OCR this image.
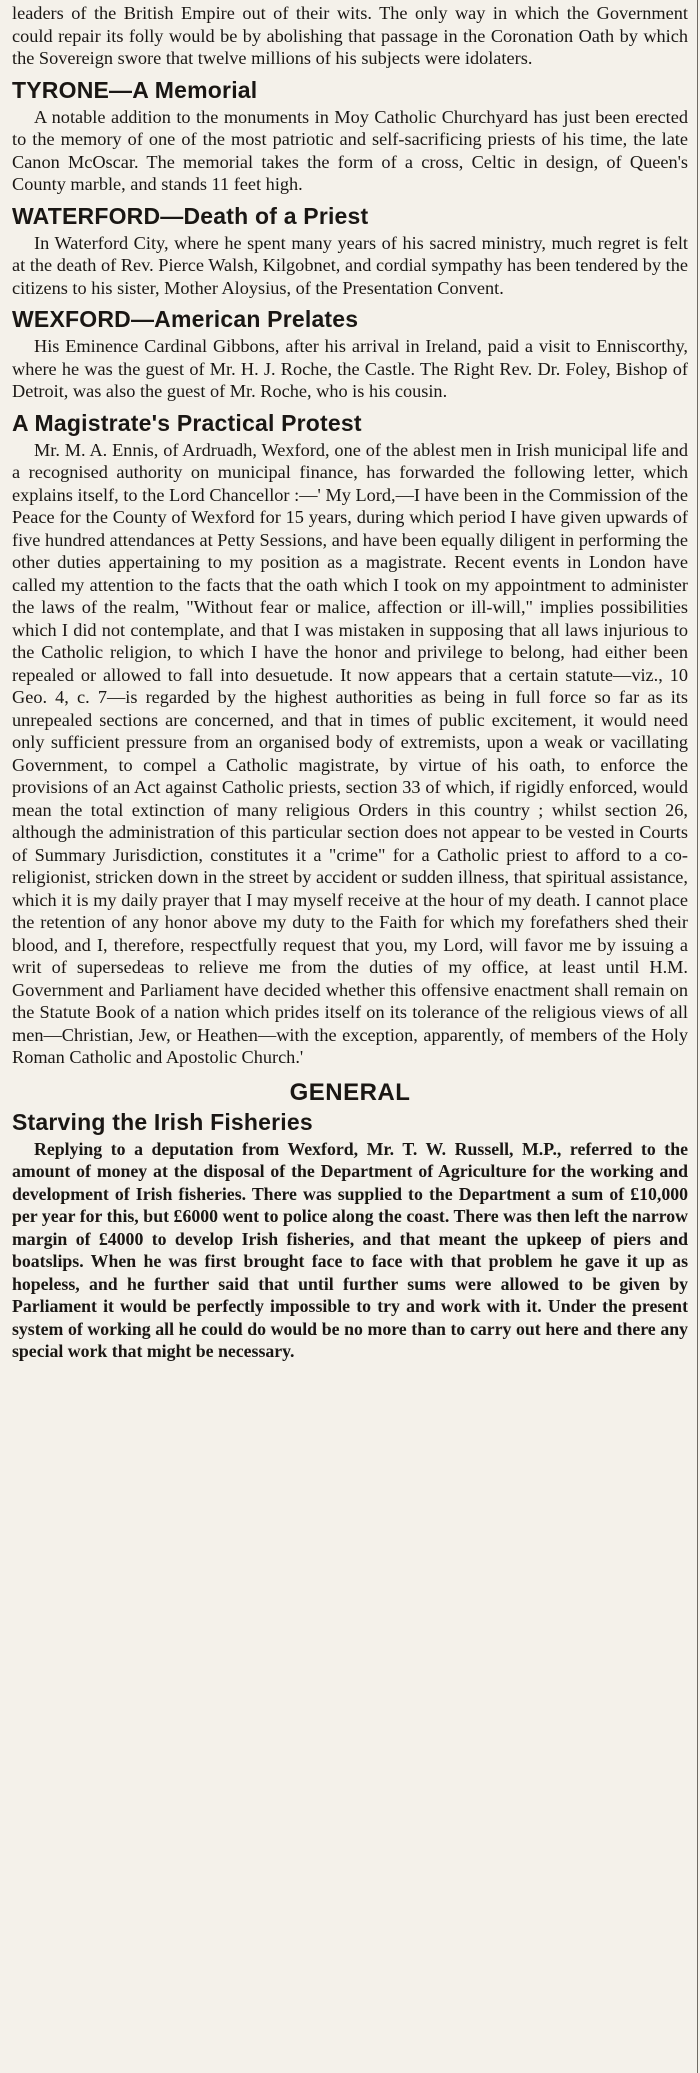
leaders of the British Empire out of their wits. The only way in which the Government could repair its folly would be by abolishing that passage in the Coronation Oath by which the Sovereign swore that twelve millions of his subjects were idolaters.

TYRONE—A Memorial

A notable addition to the monuments in Moy Catholic Churchyard has just been erected to the memory of one of the most patriotic and self-sacrificing priests of his time, the late Canon McOscar. The memorial takes the form of a cross, Celtic in design, of Queen's County marble, and stands 11 feet high.

WATERFORD—Death of a Priest

In Waterford City, where he spent many years of his sacred ministry, much regret is felt at the death of Rev. Pierce Walsh, Kilgobnet, and cordial sympathy has been tendered by the citizens to his sister, Mother Aloysius, of the Presentation Convent.

WEXFORD—American Prelates

His Eminence Cardinal Gibbons, after his arrival in Ireland, paid a visit to Enniscorthy, where he was the guest of Mr. H. J. Roche, the Castle. The Right Rev. Dr. Foley, Bishop of Detroit, was also the guest of Mr. Roche, who is his cousin.

A Magistrate's Practical Protest

Mr. M. A. Ennis, of Ardruadh, Wexford, one of the ablest men in Irish municipal life and a recognised authority on municipal finance, has forwarded the following letter, which explains itself, to the Lord Chancellor :—' My Lord,—I have been in the Commission of the Peace for the County of Wexford for 15 years, during which period I have given upwards of five hundred attendances at Petty Sessions, and have been equally diligent in performing the other duties appertaining to my position as a magistrate. Recent events in London have called my attention to the facts that the oath which I took on my appointment to administer the laws of the realm, "Without fear or malice, affection or ill-will," implies possibilities which I did not contemplate, and that I was mistaken in supposing that all laws injurious to the Catholic religion, to which I have the honor and privilege to belong, had either been repealed or allowed to fall into desuetude. It now appears that a certain statute—viz., 10 Geo. 4, c. 7—is regarded by the highest authorities as being in full force so far as its unrepealed sections are concerned, and that in times of public excitement, it would need only sufficient pressure from an organised body of extremists, upon a weak or vacillating Government, to compel a Catholic magistrate, by virtue of his oath, to enforce the provisions of an Act against Catholic priests, section 33 of which, if rigidly enforced, would mean the total extinction of many religious Orders in this country ; whilst section 26, although the administration of this particular section does not appear to be vested in Courts of Summary Jurisdiction, constitutes it a "crime" for a Catholic priest to afford to a co-religionist, stricken down in the street by accident or sudden illness, that spiritual assistance, which it is my daily prayer that I may myself receive at the hour of my death. I cannot place the retention of any honor above my duty to the Faith for which my forefathers shed their blood, and I, therefore, respectfully request that you, my Lord, will favor me by issuing a writ of supersedeas to relieve me from the duties of my office, at least until H.M. Government and Parliament have decided whether this offensive enactment shall remain on the Statute Book of a nation which prides itself on its tolerance of the religious views of all men—Christian, Jew, or Heathen—with the exception, apparently, of members of the Holy Roman Catholic and Apostolic Church.'

GENERAL
Starving the Irish Fisheries

Replying to a deputation from Wexford, Mr. T. W. Russell, M.P., referred to the amount of money at the disposal of the Department of Agriculture for the working and development of Irish fisheries. There was supplied to the Department a sum of £10,000 per year for this, but £6000 went to police along the coast. There was then left the narrow margin of £4000 to develop Irish fisheries, and that meant the upkeep of piers and boatslips. When he was first brought face to face with that problem he gave it up as hopeless, and he further said that until further sums were allowed to be given by Parliament it would be perfectly impossible to try and work with it. Under the present system of working all he could do would be no more than to carry out here and there any special work that might be necessary.
